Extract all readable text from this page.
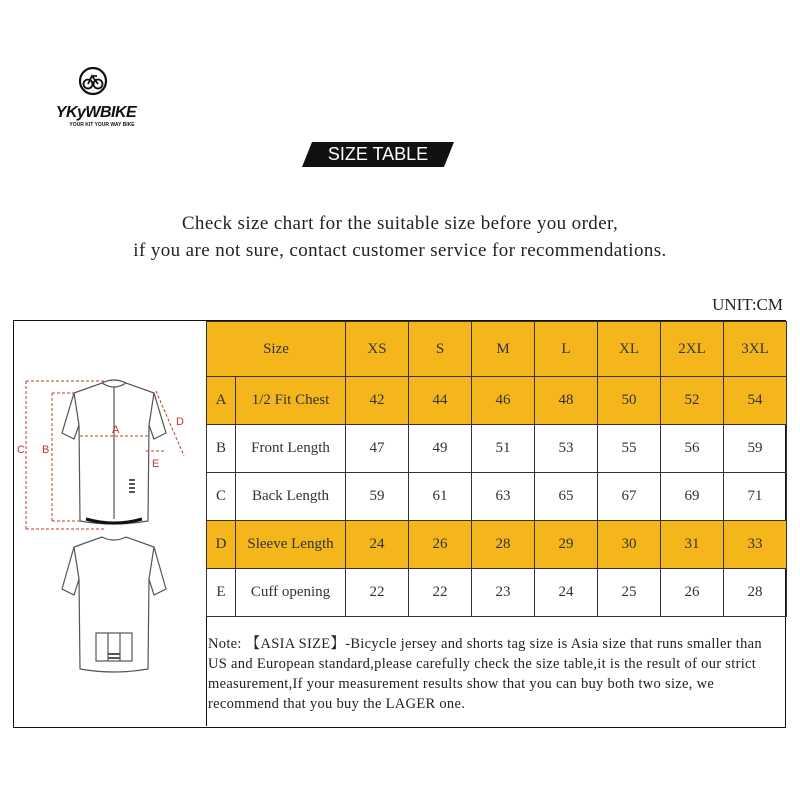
YKyWBIKE
YOUR KIT YOUR WAY BIKE
SIZE TABLE
Check size chart for the suitable size before you order,
if you are not sure, contact customer service for recommendations.
UNIT:CM
C B
A
D
E
Size		XS	S	M	L	XL	2XL	3XL
A	1/2 Fit Chest	42	44	46	48	50	52	54
B	Front Length	47	49	51	53	55	56	59
C	Back Length	59	61	63	65	67	69	71
D	Sleeve Length	24	26	28	29	30	31	33
E	Cuff opening	22	22	23	24	25	26	28
Note: 【ASIA SIZE】-Bicycle jersey and shorts tag size is Asia size that runs smaller than US and European standard,please carefully check the size table,it is the result of our strict measurement,If your measurement results show that you can buy both two size, we recommend that you buy the LAGER one.
